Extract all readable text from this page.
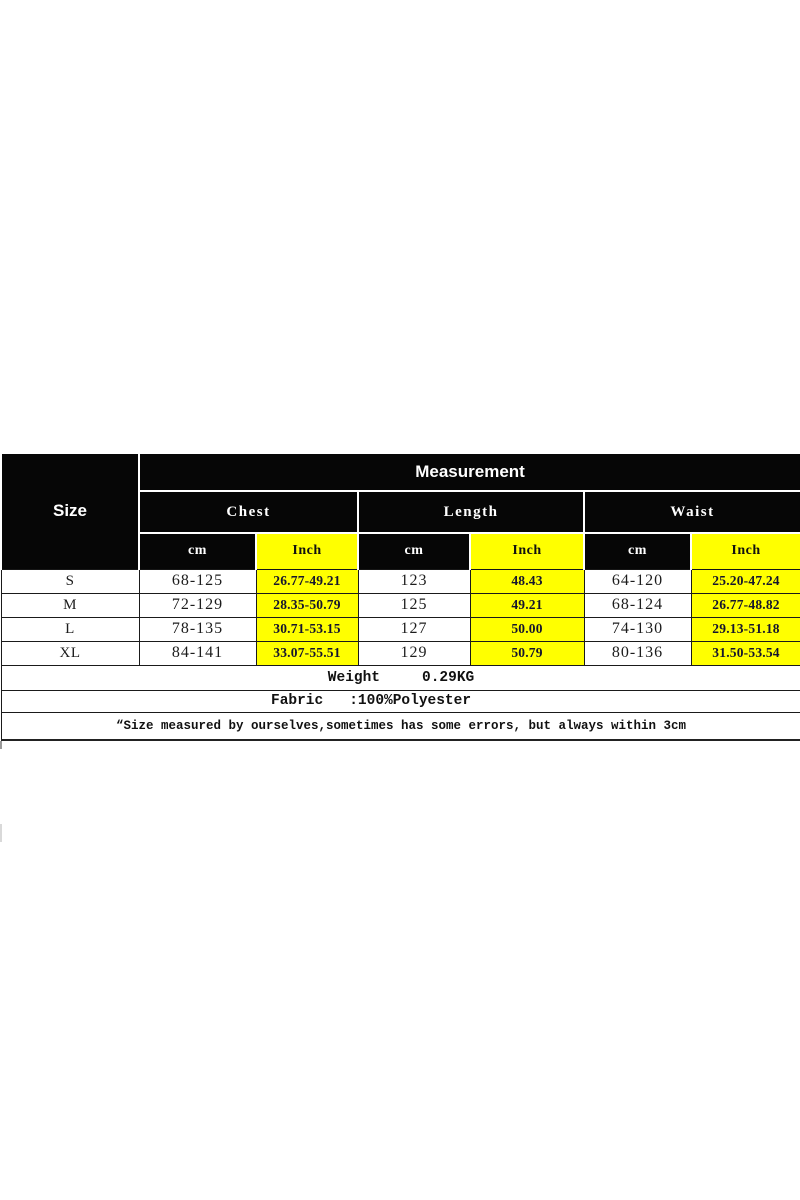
Size	Measurement					
	Chest		Length		Waist	
	cm	Inch	cm	Inch	cm	Inch
S	68-125	26.77-49.21	123	48.43	64-120	25.20-47.24
M	72-129	28.35-50.79	125	49.21	68-124	26.77-48.82
L	78-135	30.71-53.15	127	50.00	74-130	29.13-51.18
XL	84-141	33.07-55.51	129	50.79	80-136	31.50-53.54
Weight 0.29KG						
Fabric :100%Polyester						
“Size measured by ourselves,sometimes has some errors, but always within 3cm						
